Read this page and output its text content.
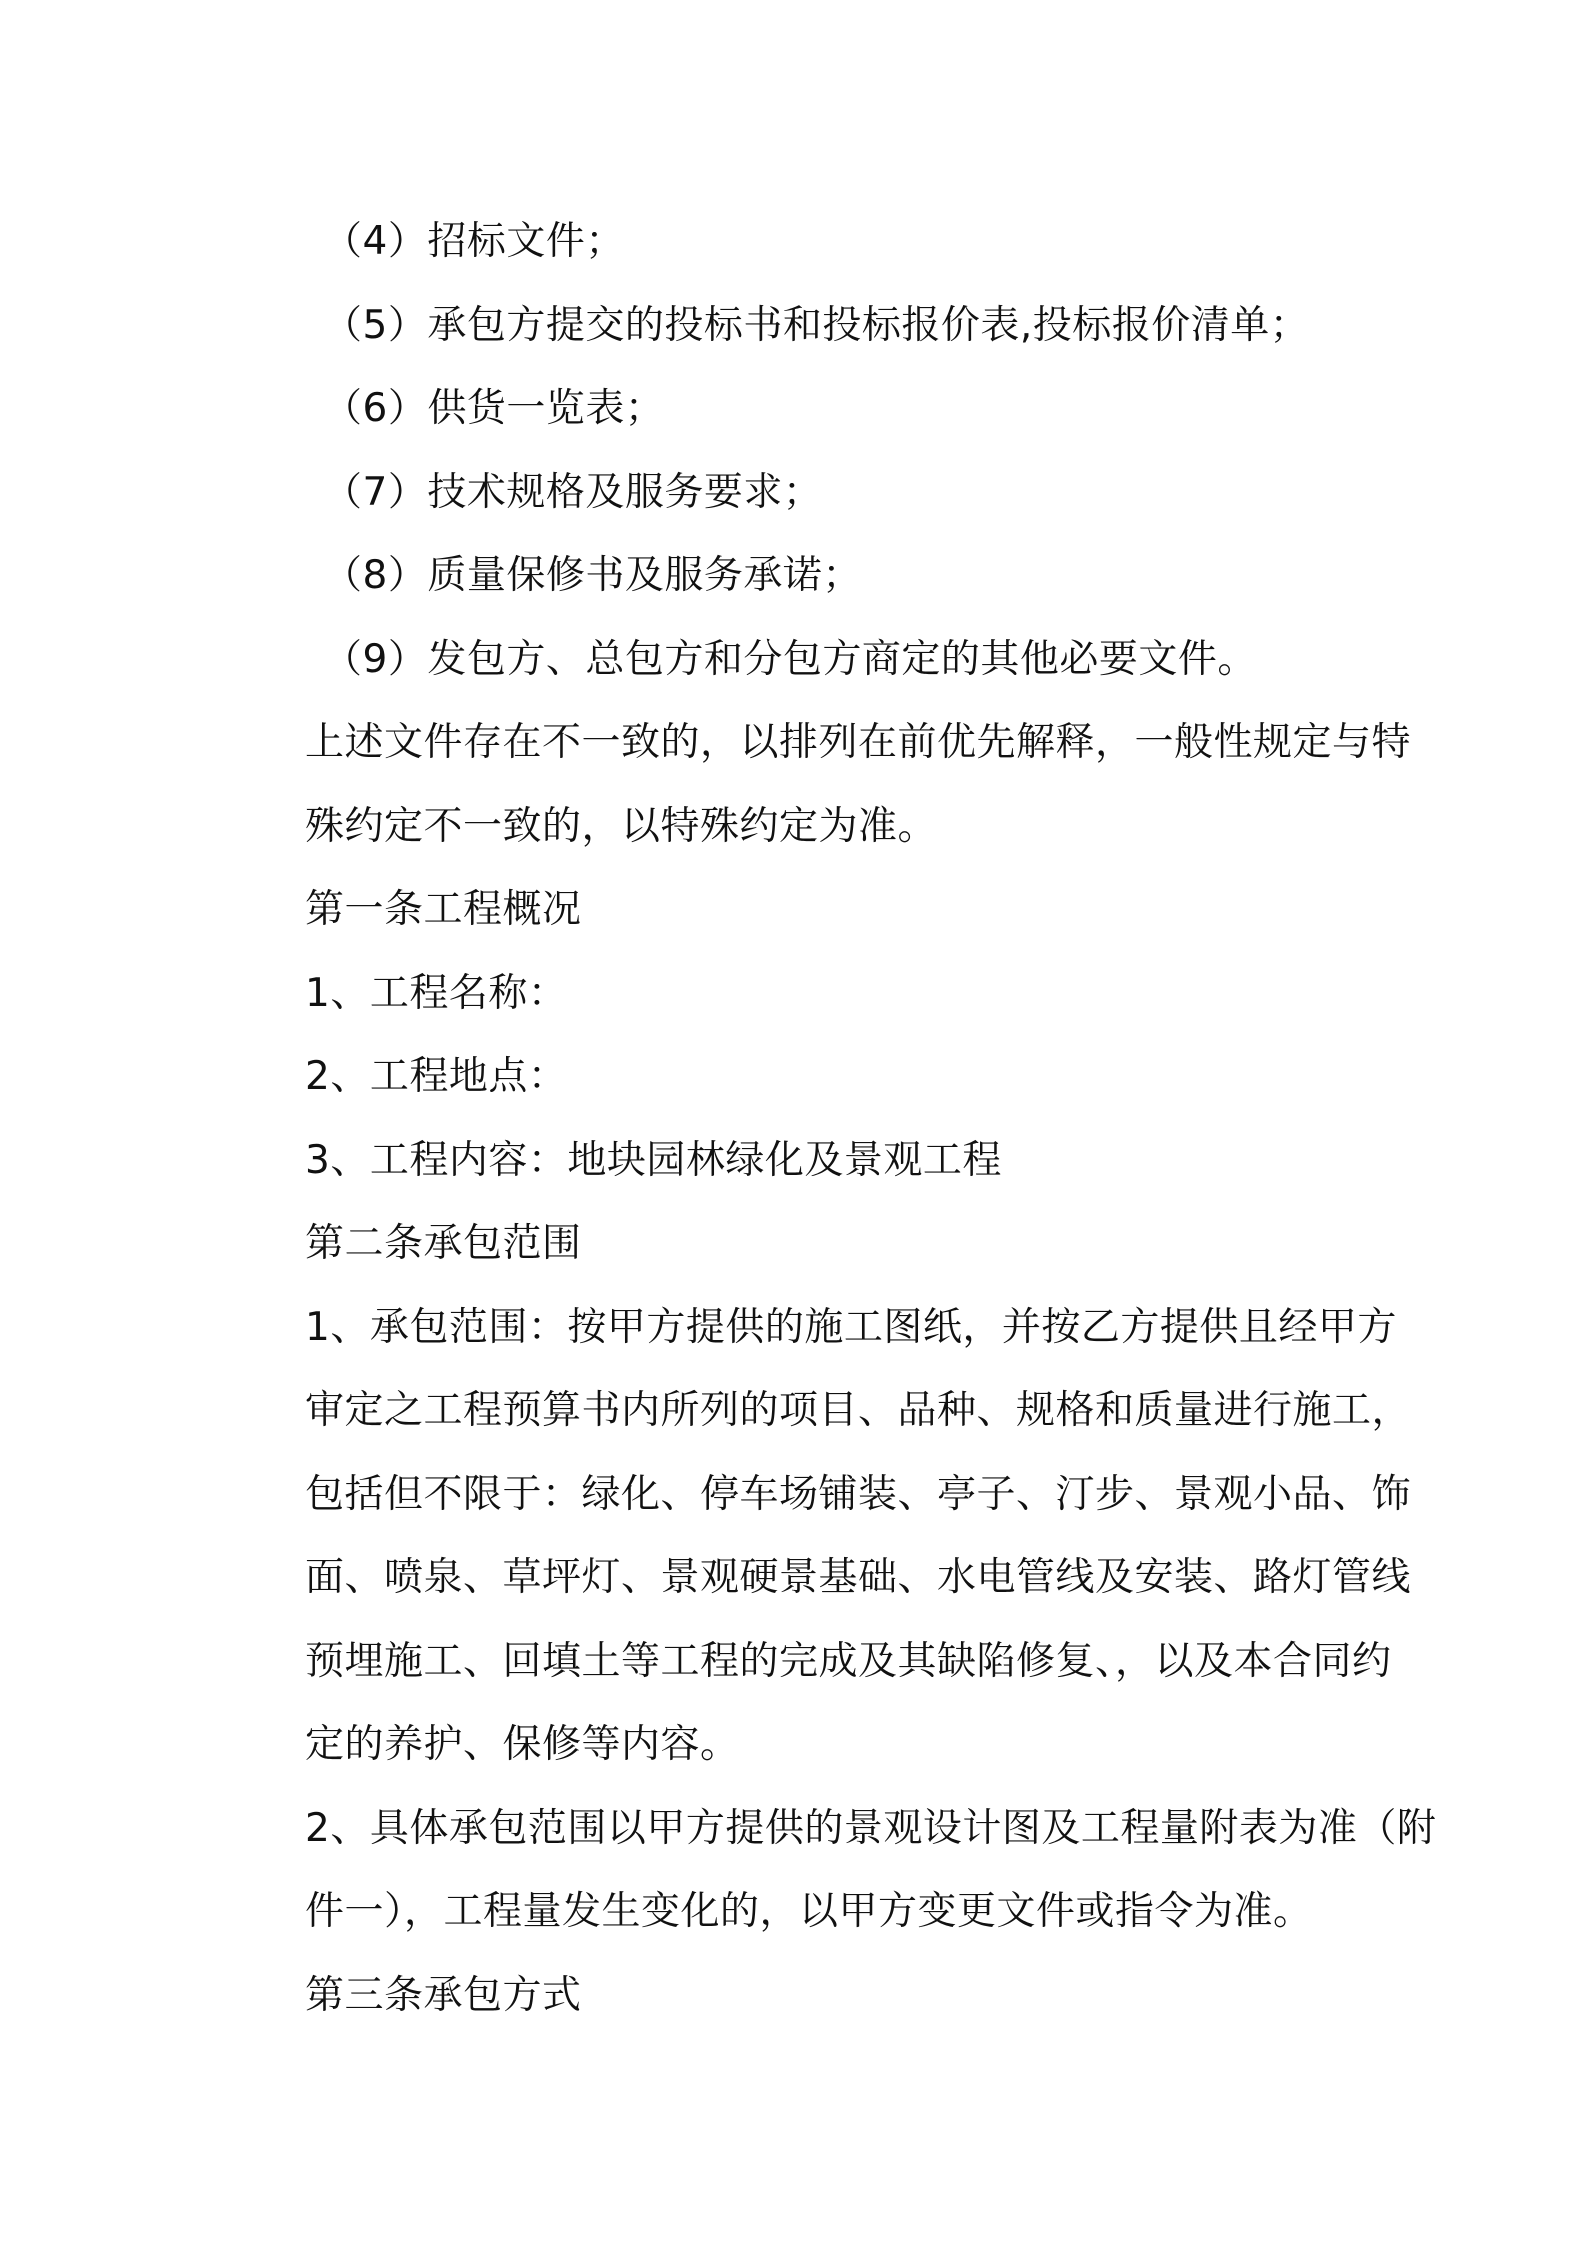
（4）招标文件；
（5）承包方提交的投标书和投标报价表,投标报价清单；
（6）供货一览表；
（7）技术规格及服务要求；
（8）质量保修书及服务承诺；
（9）发包方、总包方和分包方商定的其他必要文件。
上述文件存在不一致的，以排列在前优先解释，一般性规定与特
殊约定不一致的，以特殊约定为准。
第一条工程概况
1、工程名称：
2、工程地点：
3、工程内容：地块园林绿化及景观工程
第二条承包范围
1、承包范围：按甲方提供的施工图纸，并按乙方提供且经甲方
审定之工程预算书内所列的项目、品种、规格和质量进行施工，
包括但不限于：绿化、停车场铺装、亭子、汀步、景观小品、饰
面、喷泉、草坪灯、景观硬景基础、水电管线及安装、路灯管线
预埋施工、回填土等工程的完成及其缺陷修复、，以及本合同约
定的养护、保修等内容。
2、具体承包范围以甲方提供的景观设计图及工程量附表为准（附
件一），工程量发生变化的，以甲方变更文件或指令为准。
第三条承包方式
